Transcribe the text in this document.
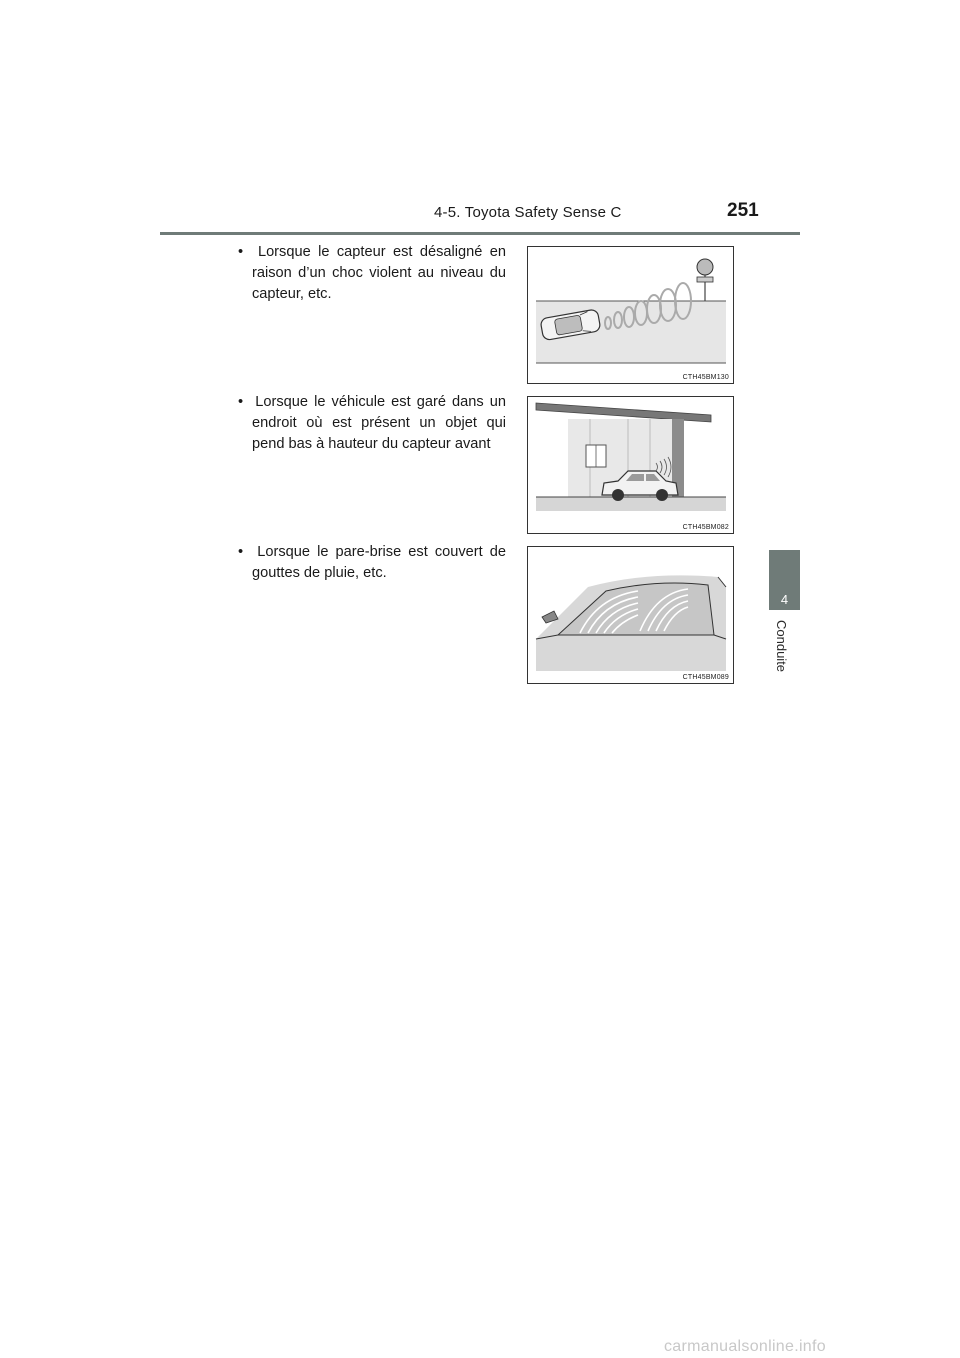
4-5. Toyota Safety Sense C	251
4
Conduite
• Lorsque le capteur est désaligné en raison d’un choc violent au niveau du capteur, etc.
• Lorsque le véhicule est garé dans un endroit où est présent un objet qui pend bas à hauteur du capteur avant
• Lorsque le pare-brise est couvert de gouttes de pluie, etc.
CTH45BM130
CTH45BM082
CTH45BM089
carmanualsonline.info
